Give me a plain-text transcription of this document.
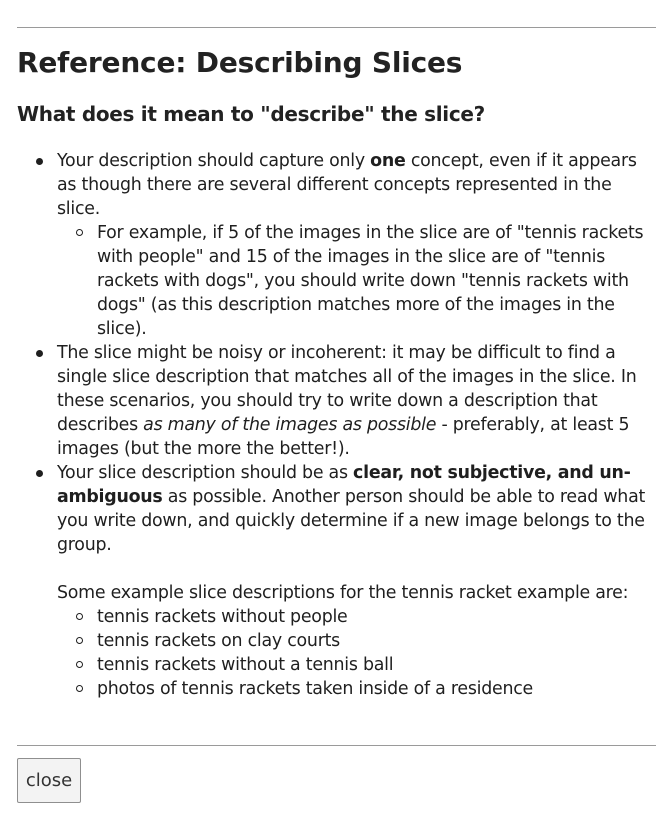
Reference: Describing Slices
What does it mean to "describe" the slice?
Your description should capture only one concept, even if it appears as though there are several different concepts represented in the slice.
For example, if 5 of the images in the slice are of "tennis rackets with people" and 15 of the images in the slice are of "tennis rackets with dogs", you should write down "tennis rackets with dogs" (as this description matches more of the images in the slice).
The slice might be noisy or incoherent: it may be difficult to find a single slice description that matches all of the images in the slice. In these scenarios, you should try to write down a description that describes as many of the images as possible - preferably, at least 5 images (but the more the better!).
Your slice description should be as clear, not subjective, and un-ambiguous as possible. Another person should be able to read what you write down, and quickly determine if a new image belongs to the group.
Some example slice descriptions for the tennis racket example are:
tennis rackets without people
tennis rackets on clay courts
tennis rackets without a tennis ball
photos of tennis rackets taken inside of a residence
close
